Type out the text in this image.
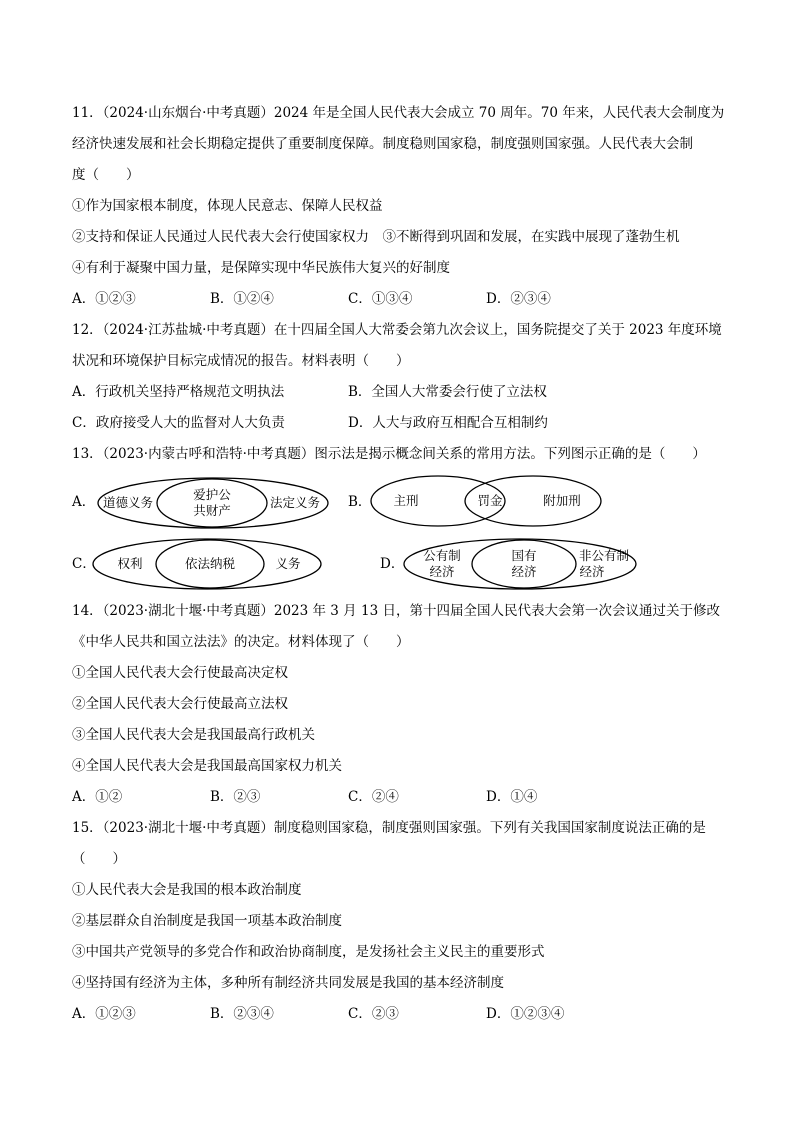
11．（2024·山东烟台·中考真题）2024 年是全国人民代表大会成立 70 周年。70 年来，人民代表大会制度为
经济快速发展和社会长期稳定提供了重要制度保障。制度稳则国家稳，制度强则国家强。人民代表大会制
度（　　）
①作为国家根本制度，体现人民意志、保障人民权益
②支持和保证人民通过人民代表大会行使国家权力　③不断得到巩固和发展，在实践中展现了蓬勃生机
④有利于凝聚中国力量，是保障实现中华民族伟大复兴的好制度
A．①②③	B．①②④	C．①③④	D．②③④
12．（2024·江苏盐城·中考真题）在十四届全国人大常委会第九次会议上，国务院提交了关于 2023 年度环境
状况和环境保护目标完成情况的报告。材料表明（　　）
A．行政机关坚持严格规范文明执法	B．全国人大常委会行使了立法权
C．政府接受人大的监督对人大负责	D．人大与政府互相配合互相制约
13．（2023·内蒙古呼和浩特·中考真题）图示法是揭示概念间关系的常用方法。下列图示正确的是（　　）
A． 道德义务
爱护公
共财产
法定义务 B． 主刑	罚金	附加刑
C． 权利	依法纳税	义务	D．
公有制
经济
国有
经济
非公有制
经济
14．（2023·湖北十堰·中考真题）2023 年 3 月 13 日，第十四届全国人民代表大会第一次会议通过关于修改
《中华人民共和国立法法》的决定。材料体现了（　　）
①全国人民代表大会行使最高决定权
②全国人民代表大会行使最高立法权
③全国人民代表大会是我国最高行政机关
④全国人民代表大会是我国最高国家权力机关
A．①②	B．②③	C．②④	D．①④
15．（2023·湖北十堰·中考真题）制度稳则国家稳，制度强则国家强。下列有关我国国家制度说法正确的是
（　　）
①人民代表大会是我国的根本政治制度
②基层群众自治制度是我国一项基本政治制度
③中国共产党领导的多党合作和政治协商制度，是发扬社会主义民主的重要形式
④坚持国有经济为主体，多种所有制经济共同发展是我国的基本经济制度
A．①②③	B．②③④	C．②③	D．①②③④
